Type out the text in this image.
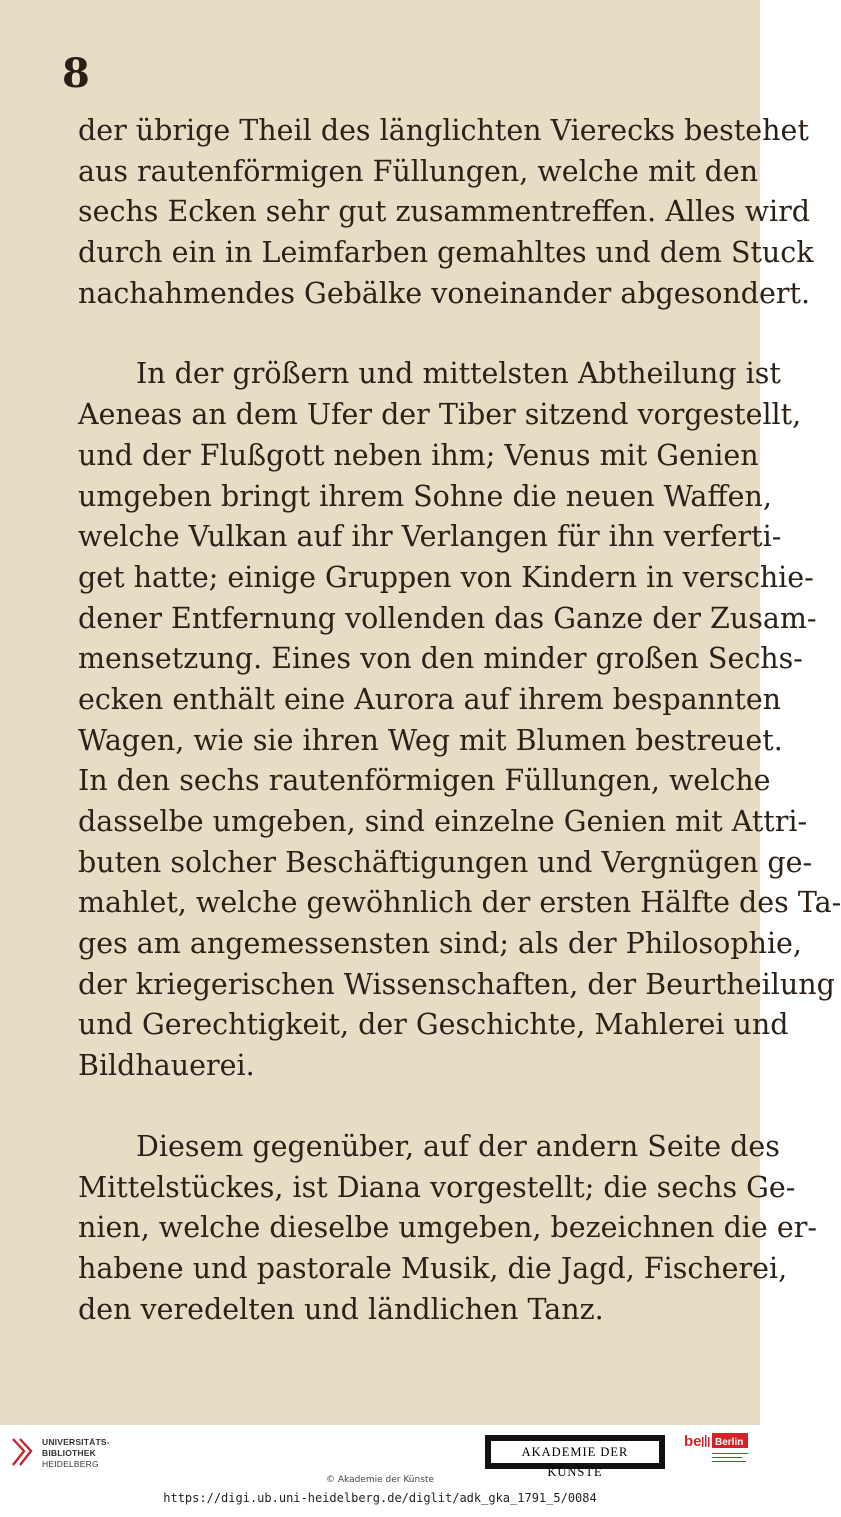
8
der übrige Theil des länglichten Vierecks bestehet
aus rautenförmigen Füllungen, welche mit den
sechs Ecken sehr gut zusammentreffen. Alles wird
durch ein in Leimfarben gemahltes und dem Stuck
nachahmendes Gebälke voneinander abgesondert.
In der größern und mittelsten Abtheilung ist
Aeneas an dem Ufer der Tiber sitzend vorgestellt,
und der Flußgott neben ihm; Venus mit Genien
umgeben bringt ihrem Sohne die neuen Waffen,
welche Vulkan auf ihr Verlangen für ihn verferti-
get hatte; einige Gruppen von Kindern in verschie-
dener Entfernung vollenden das Ganze der Zusam-
mensetzung. Eines von den minder großen Sechs-
ecken enthält eine Aurora auf ihrem bespannten
Wagen, wie sie ihren Weg mit Blumen bestreuet.
In den sechs rautenförmigen Füllungen, welche
dasselbe umgeben, sind einzelne Genien mit Attri-
buten solcher Beschäftigungen und Vergnügen ge-
mahlet, welche gewöhnlich der ersten Hälfte des Ta-
ges am angemessensten sind; als der Philosophie,
der kriegerischen Wissenschaften, der Beurtheilung
und Gerechtigkeit, der Geschichte, Mahlerei und
Bildhauerei.
Diesem gegenüber, auf der andern Seite des
Mittelstückes, ist Diana vorgestellt; die sechs Ge-
nien, welche dieselbe umgeben, bezeichnen die er-
habene und pastorale Musik, die Jagd, Fischerei,
den veredelten und ländlichen Tanz.
UNIVERSITÄTS-
BIBLIOTHEK
HEIDELBERG
AKADEMIE DER KÜNSTE
be Berlin
© Akademie der Künste
https://digi.ub.uni-heidelberg.de/diglit/adk_gka_1791_5/0084
